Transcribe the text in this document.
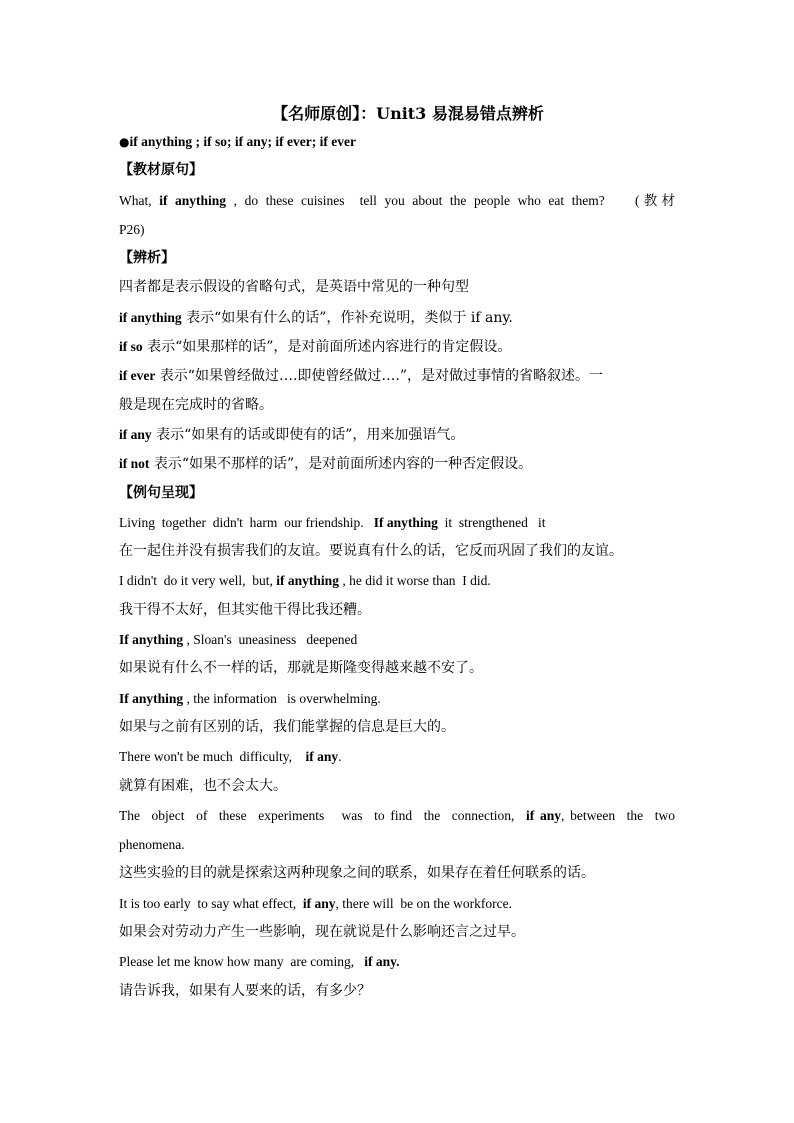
【名师原创】：Unit3 易混易错点辨析
●if anything ; if so; if any; if ever; if ever
【教材原句】
What, if anything , do these cuisines  tell you about the people who eat them?    (教材
P26)
【辨析】
四者都是表示假设的省略句式，是英语中常见的一种句型
if anything 表示“如果有什么的话”，作补充说明，类似于 if any.
if so 表示“如果那样的话”，是对前面所述内容进行的肯定假设。
if ever 表示“如果曾经做过….即使曾经做过….”，是对做过事情的省略叙述。一
般是现在完成时的省略。
if any 表示“如果有的话或即使有的话”，用来加强语气。
if not 表示“如果不那样的话”，是对前面所述内容的一种否定假设。
【例句呈现】
Living  together  didn't  harm  our friendship.   If anything  it  strengthened   it
在一起住并没有损害我们的友谊。要说真有什么的话，它反而巩固了我们的友谊。
I didn't  do it very well,  but, if anything , he did it worse than  I did.
我干得不太好，但其实他干得比我还糟。
If anything , Sloan's  uneasiness   deepened
如果说有什么不一样的话，那就是斯隆变得越来越不安了。
If anything , the information   is overwhelming.
如果与之前有区别的话，我们能掌握的信息是巨大的。
There won't be much  difficulty,    if any.
就算有困难，也不会太大。
The  object  of  these  experiments   was  to find  the  connection,  if any, between  the  two
phenomena.
这些实验的目的就是探索这两种现象之间的联系，如果存在着任何联系的话。
It is too early  to say what effect,  if any, there will  be on the workforce.
如果会对劳动力产生一些影响，现在就说是什么影响还言之过早。
Please let me know how many  are coming,   if any.
请告诉我，如果有人要来的话，有多少？
